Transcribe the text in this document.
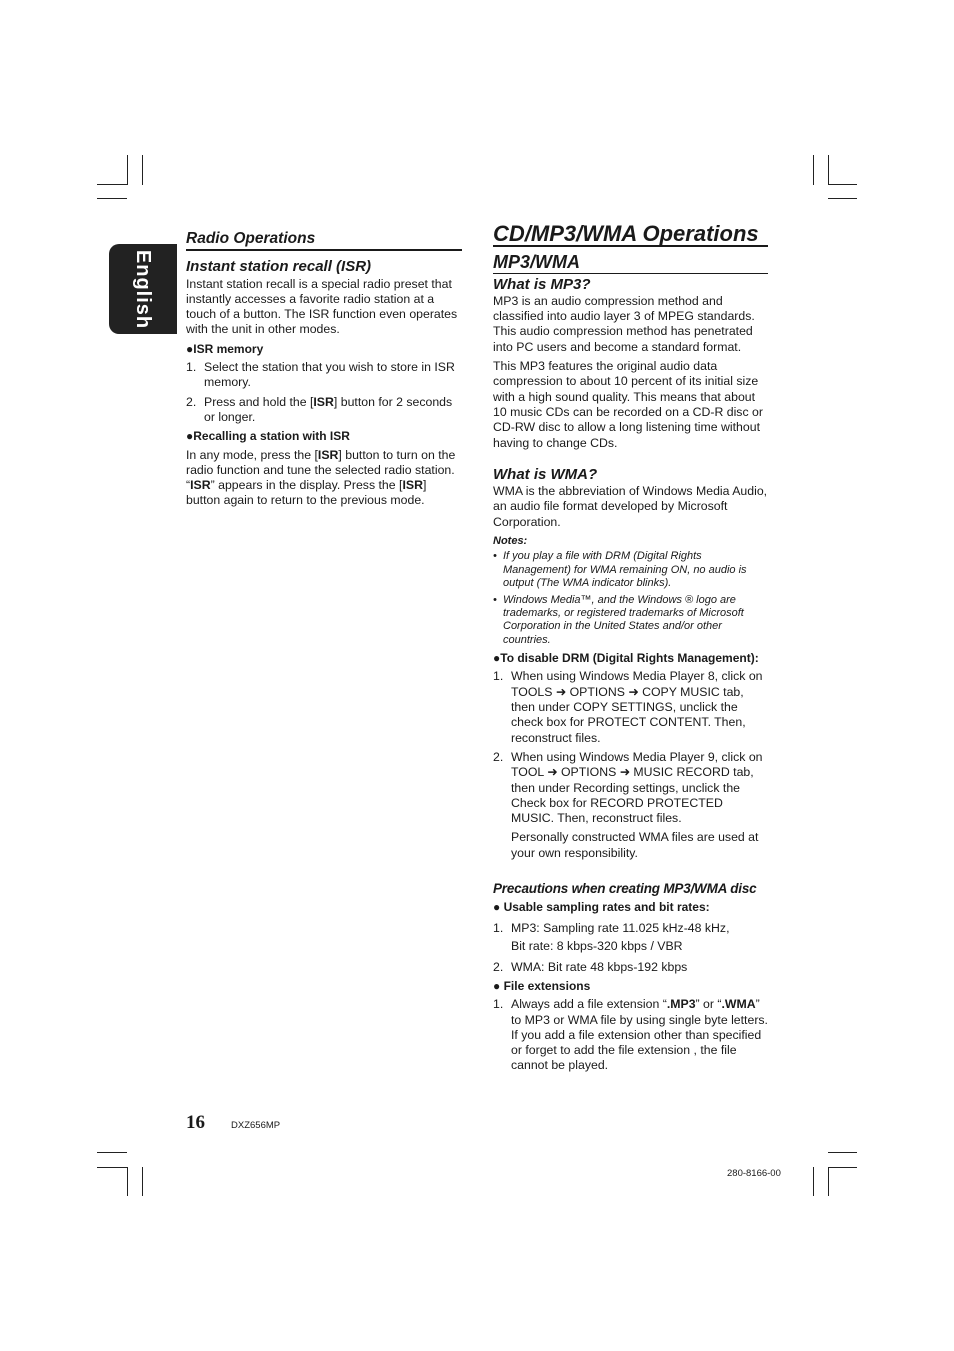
English
Radio Operations
Instant station recall (ISR)

Instant station recall is a special radio preset that instantly accesses a favorite radio station at a touch of a button. The ISR function even operates with the unit in other modes.

●ISR memory
1. Select the station that you wish to store in ISR memory.
2. Press and hold the [ISR] button for 2 seconds or longer.
●Recalling a station with ISR

In any mode, press the [ISR] button to turn on the radio function and tune the selected radio station. “ISR” appears in the display. Press the [ISR] button again to return to the previous mode.

CD/MP3/WMA Operations
MP3/WMA
What is MP3?

MP3 is an audio compression method and classified into audio layer 3 of MPEG standards. This audio compression method has penetrated into PC users and become a standard format.

This MP3 features the original audio data compression to about 10 percent of its initial size with a high sound quality. This means that about 10 music CDs can be recorded on a CD-R disc or CD-RW disc to allow a long listening time without having to change CDs.

What is WMA?

WMA is the abbreviation of Windows Media Audio, an audio file format developed by Microsoft Corporation.

Notes:
• If you play a file with DRM (Digital Rights Management) for WMA remaining ON, no audio is output (The WMA indicator blinks).
• Windows Media™, and the Windows ® logo are trademarks, or registered trademarks of Microsoft Corporation in the United States and/or other countries.
●To disable DRM (Digital Rights Management):
1. When using Windows Media Player 8, click on TOOLS ➜ OPTIONS ➜ COPY MUSIC tab, then under COPY SETTINGS, unclick the check box for PROTECT CONTENT. Then, reconstruct files.
2. When using Windows Media Player 9, click on TOOL ➜ OPTIONS ➜ MUSIC RECORD tab, then under Recording settings, unclick the Check box for RECORD PROTECTED MUSIC. Then, reconstruct files.

Personally constructed WMA files are used at your own responsibility.

Precautions when creating MP3/WMA disc
● Usable sampling rates and bit rates:
1. MP3: Sampling rate 11.025 kHz-48 kHz,
Bit rate: 8 kbps-320 kbps / VBR
2. WMA: Bit rate 48 kbps-192 kbps
● File extensions
1. Always add a file extension “.MP3” or “.WMA” to MP3 or WMA file by using single byte letters. If you add a file extension other than specified or forget to add the file extension , the file cannot be played.
16	DXZ656MP
280-8166-00
